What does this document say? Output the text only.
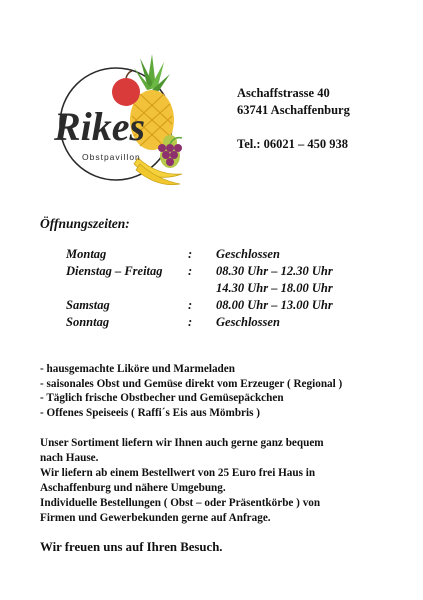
Rikes
Obstpavillon
Aschaffstrasse 40
63741 Aschaffenburg
Tel.: 06021 – 450 938
Öffnungszeiten:
Montag	:	Geschlossen
Dienstag – Freitag	:	08.30 Uhr – 12.30 Uhr
14.30 Uhr – 18.00 Uhr
Samstag	:	08.00 Uhr – 13.00 Uhr
Sonntag	:	Geschlossen
- hausgemachte Liköre und Marmeladen
- saisonales Obst und Gemüse direkt vom Erzeuger ( Regional )
- Täglich frische Obstbecher und Gemüsepäckchen
- Offenes Speiseeis ( Raffi´s Eis aus Mömbris )
Unser Sortiment liefern wir Ihnen auch gerne ganz bequem
nach Hause.
Wir liefern ab einem Bestellwert von 25 Euro frei Haus in
Aschaffenburg und nähere Umgebung.
Individuelle Bestellungen ( Obst – oder Präsentkörbe ) von
Firmen und Gewerbekunden gerne auf Anfrage.
Wir freuen uns auf Ihren Besuch.
